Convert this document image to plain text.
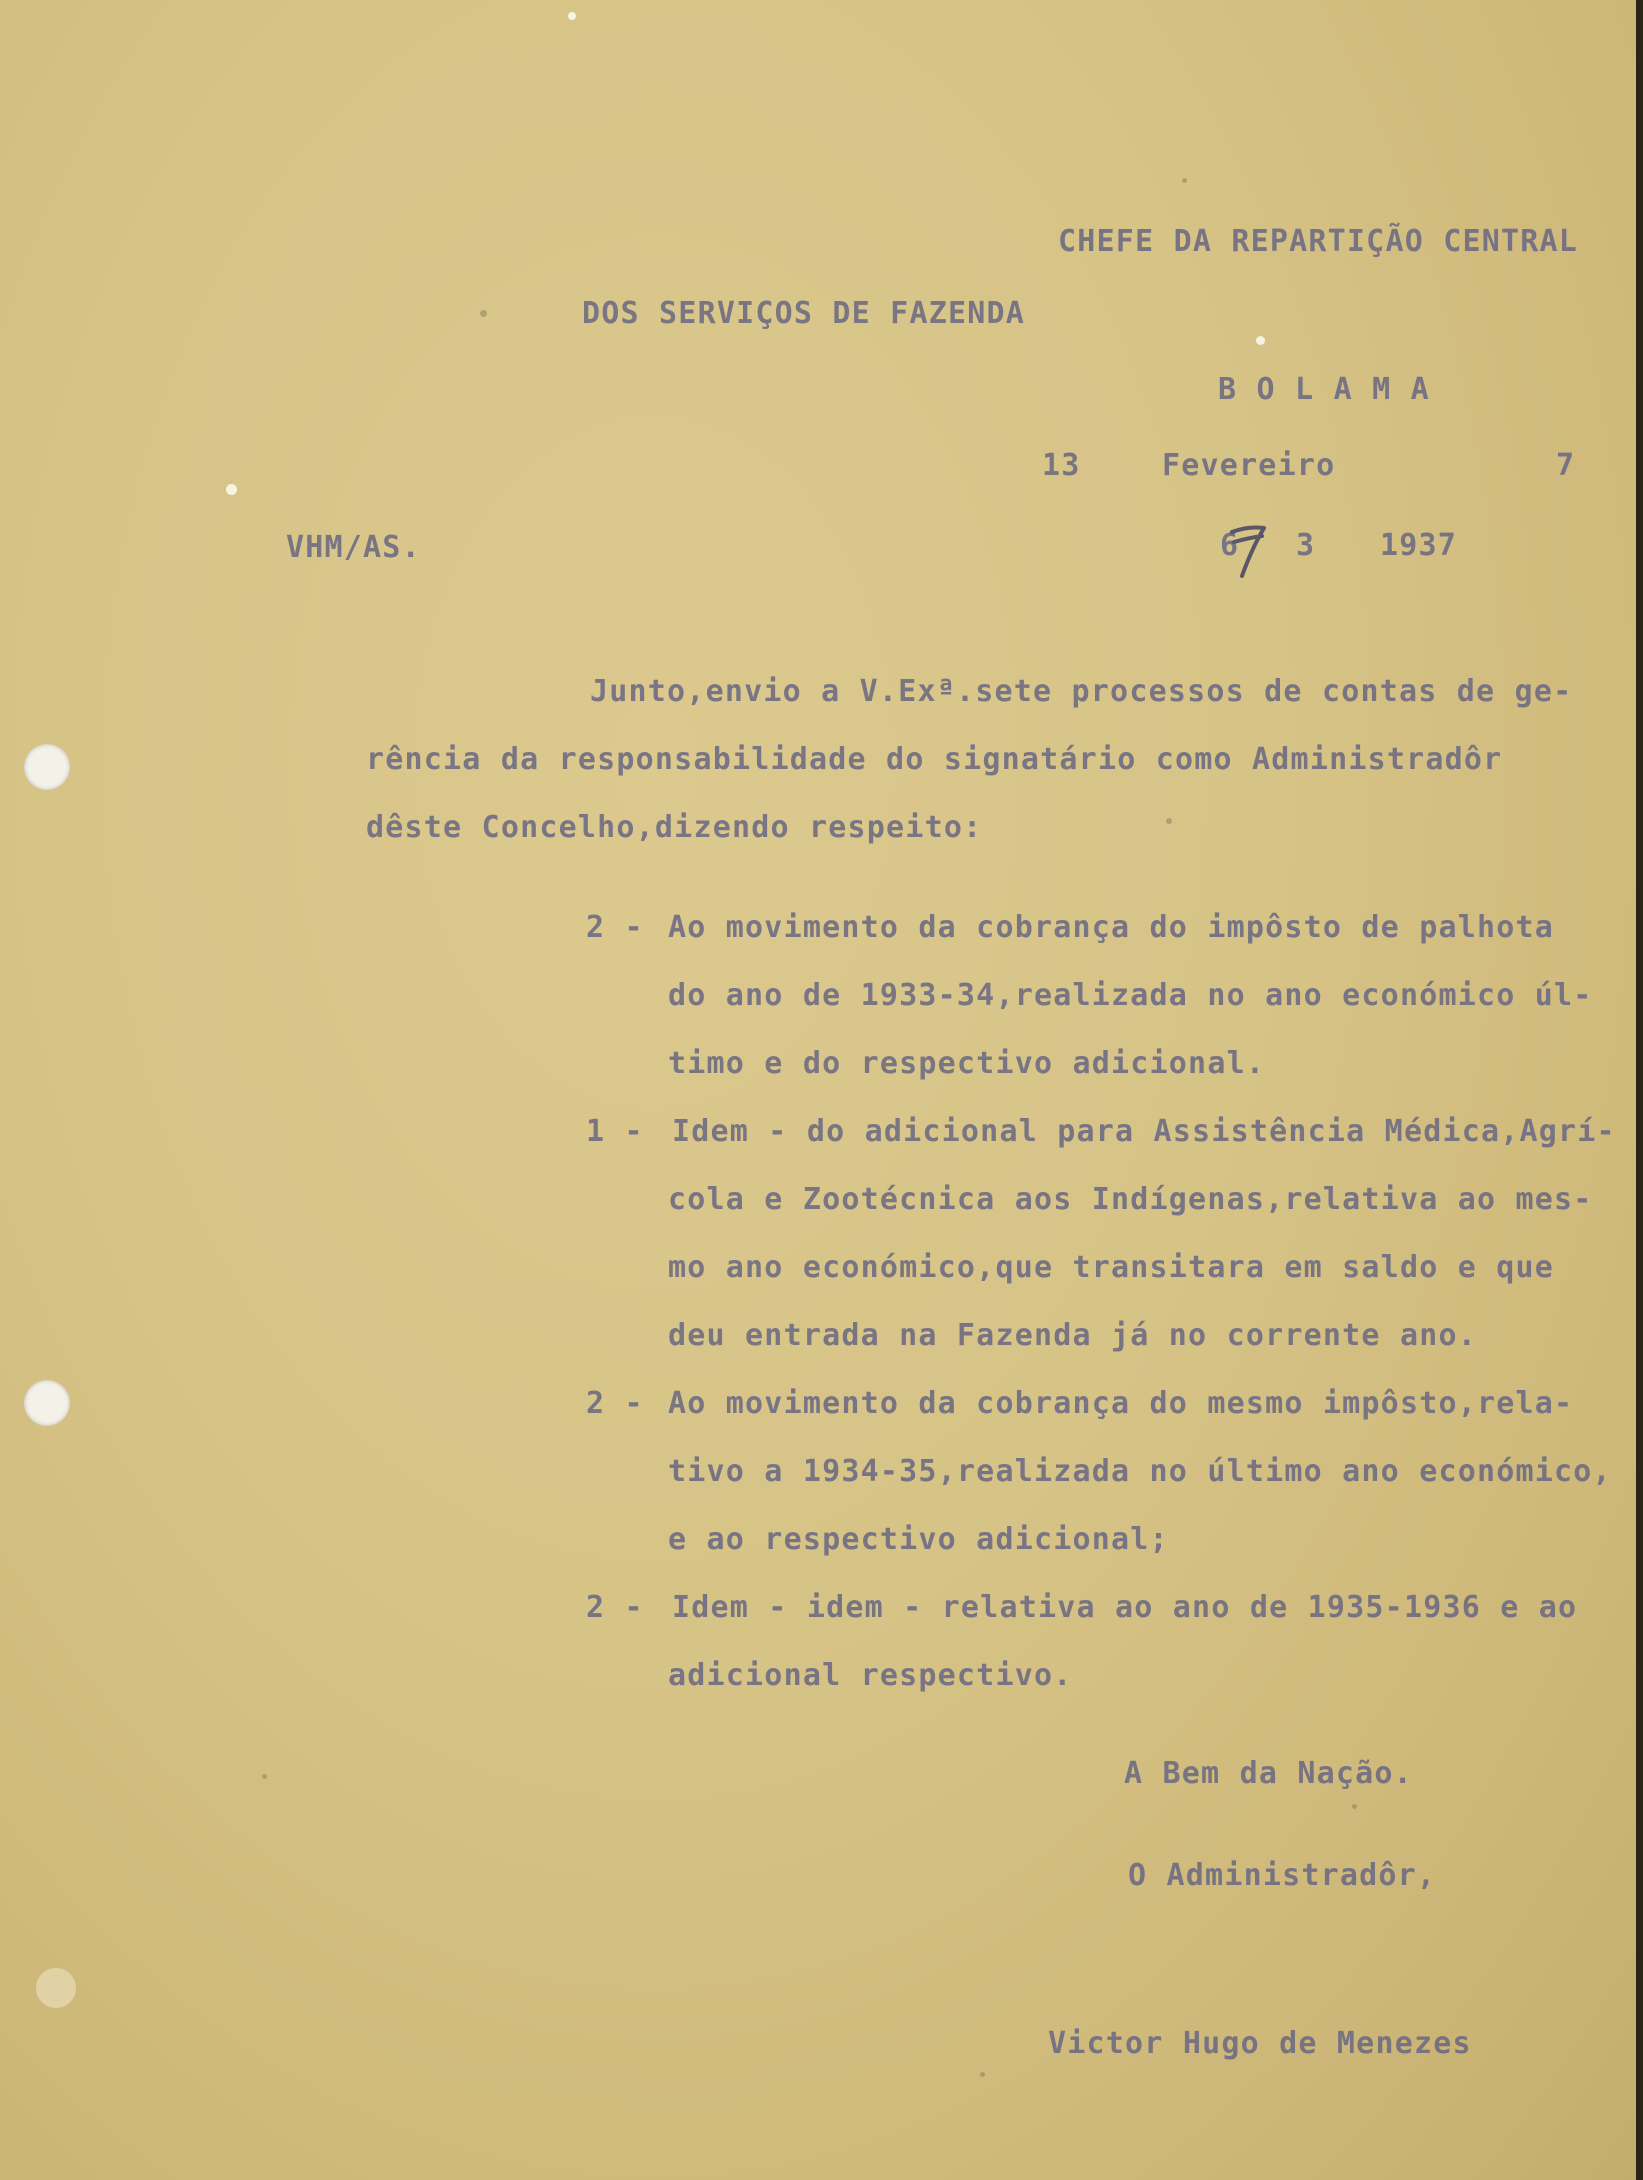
CHEFE DA REPARTIÇÃO CENTRAL
DOS SERVIÇOS DE FAZENDA
B O L A M A
13	Fevereiro	7
VHM/AS.	6 3 1937
Junto,envio a V.Exª.sete processos de contas de ge-
rência da responsabilidade do signatário como Administradôr
dêste Concelho,dizendo respeito:
2 - Ao movimento da cobrança do impôsto de palhota
do ano de 1933-34,realizada no ano económico úl-
timo e do respectivo adicional.
1 - Idem - do adicional para Assistência Médica,Agrí-
cola e Zootécnica aos Indígenas,relativa ao mes-
mo ano económico,que transitara em saldo e que
deu entrada na Fazenda já no corrente ano.
2 - Ao movimento da cobrança do mesmo impôsto,rela-
tivo a 1934-35,realizada no último ano económico,
e ao respectivo adicional;
2 - Idem - idem - relativa ao ano de 1935-1936 e ao
adicional respectivo.
A Bem da Nação.
O Administradôr,
Victor Hugo de Menezes
